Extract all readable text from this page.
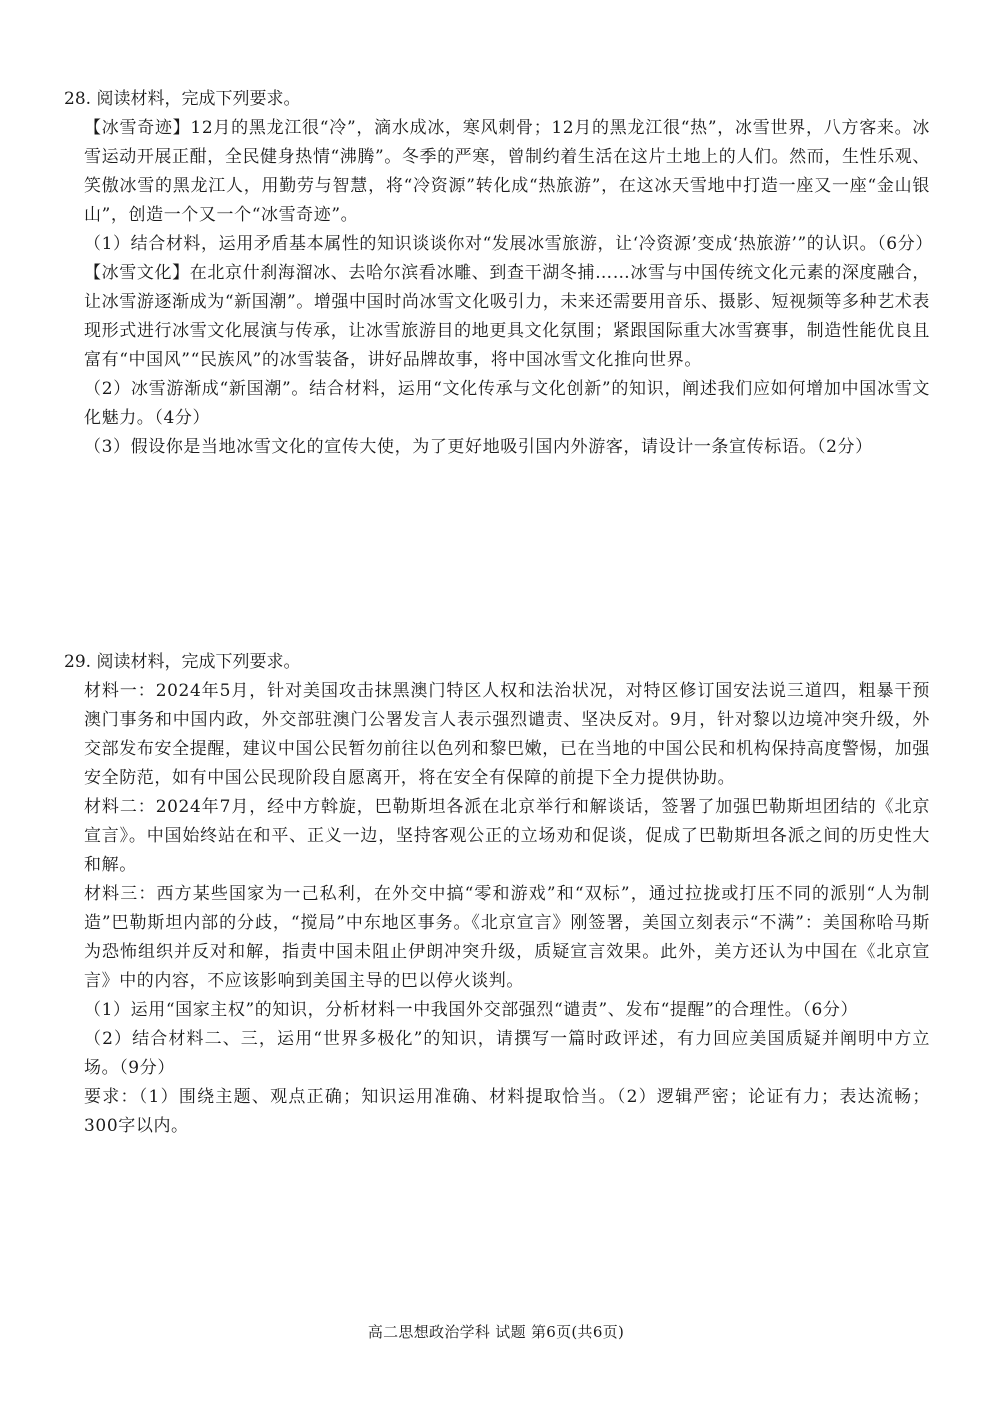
28. 阅读材料，完成下列要求。

【冰雪奇迹】12月的黑龙江很“冷”，滴水成冰，寒风刺骨；12月的黑龙江很“热”，冰雪世界，八方客来。冰雪运动开展正酣，全民健身热情“沸腾”。冬季的严寒，曾制约着生活在这片土地上的人们。然而，生性乐观、笑傲冰雪的黑龙江人，用勤劳与智慧，将“冷资源”转化成“热旅游”，在这冰天雪地中打造一座又一座“金山银山”，创造一个又一个“冰雪奇迹”。

（1）结合材料，运用矛盾基本属性的知识谈谈你对“发展冰雪旅游，让‘冷资源’变成‘热旅游’”的认识。（6分）

【冰雪文化】在北京什刹海溜冰、去哈尔滨看冰雕、到查干湖冬捕……冰雪与中国传统文化元素的深度融合，让冰雪游逐渐成为“新国潮”。增强中国时尚冰雪文化吸引力，未来还需要用音乐、摄影、短视频等多种艺术表现形式进行冰雪文化展演与传承，让冰雪旅游目的地更具文化氛围；紧跟国际重大冰雪赛事，制造性能优良且富有“中国风”“民族风”的冰雪装备，讲好品牌故事，将中国冰雪文化推向世界。

（2）冰雪游渐成“新国潮”。结合材料，运用“文化传承与文化创新”的知识，阐述我们应如何增加中国冰雪文化魅力。（4分）

（3）假设你是当地冰雪文化的宣传大使，为了更好地吸引国内外游客，请设计一条宣传标语。（2分）

29. 阅读材料，完成下列要求。

材料一：2024年5月，针对美国攻击抹黑澳门特区人权和法治状况，对特区修订国安法说三道四，粗暴干预澳门事务和中国内政，外交部驻澳门公署发言人表示强烈谴责、坚决反对。9月，针对黎以边境冲突升级，外交部发布安全提醒，建议中国公民暂勿前往以色列和黎巴嫩，已在当地的中国公民和机构保持高度警惕，加强安全防范，如有中国公民现阶段自愿离开，将在安全有保障的前提下全力提供协助。

材料二：2024年7月，经中方斡旋，巴勒斯坦各派在北京举行和解谈话，签署了加强巴勒斯坦团结的《北京宣言》。中国始终站在和平、正义一边，坚持客观公正的立场劝和促谈，促成了巴勒斯坦各派之间的历史性大和解。

材料三：西方某些国家为一己私利，在外交中搞“零和游戏”和“双标”，通过拉拢或打压不同的派别“人为制造”巴勒斯坦内部的分歧，“搅局”中东地区事务。《北京宣言》刚签署，美国立刻表示“不满”：美国称哈马斯为恐怖组织并反对和解，指责中国未阻止伊朗冲突升级，质疑宣言效果。此外，美方还认为中国在《北京宣言》中的内容，不应该影响到美国主导的巴以停火谈判。

（1）运用“国家主权”的知识，分析材料一中我国外交部强烈“谴责”、发布“提醒”的合理性。（6分）

（2）结合材料二、三，运用“世界多极化”的知识，请撰写一篇时政评述，有力回应美国质疑并阐明中方立场。（9分）

要求：（1）围绕主题、观点正确；知识运用准确、材料提取恰当。（2）逻辑严密；论证有力；表达流畅；300字以内。

高二思想政治学科 试题 第6页(共6页)
